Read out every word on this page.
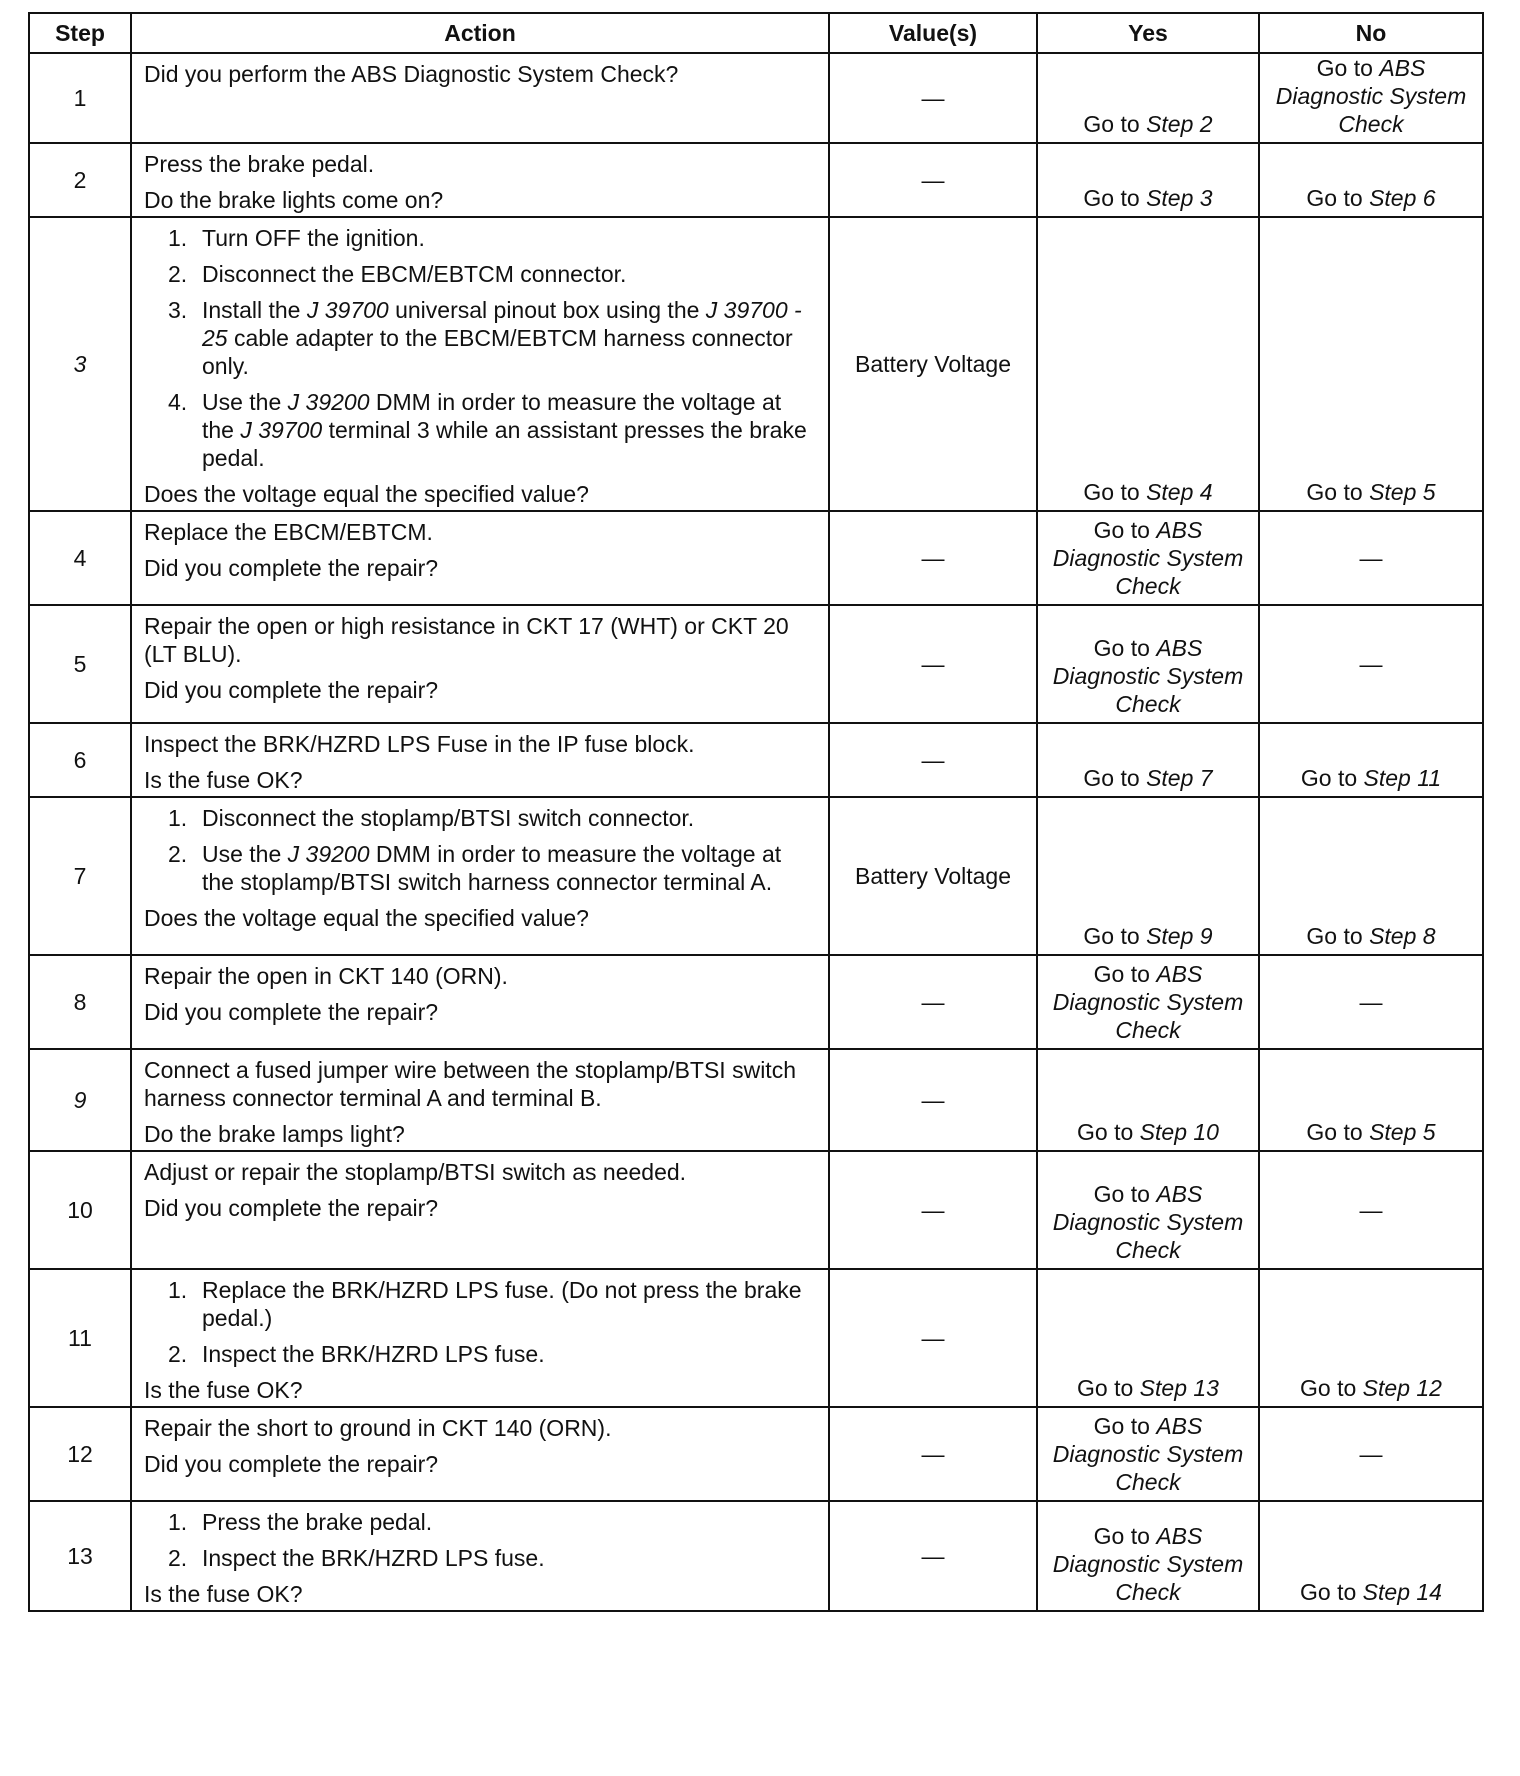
Step	Action	Value(s)	Yes	No
1	Did you perform the ABS Diagnostic System Check?	—	Go to Step 2	Go to ABS Diagnostic System Check
2	Press the brake pedal.
Do the brake lights come on?	—	Go to Step 3	Go to Step 6
3	1. Turn OFF the ignition.
2. Disconnect the EBCM/EBTCM connector.
3. Install the J 39700 universal pinout box using the J 39700 - 25 cable adapter to the EBCM/EBTCM harness connector only.
4. Use the J 39200 DMM in order to measure the voltage at the J 39700 terminal 3 while an assistant presses the brake pedal.
Does the voltage equal the specified value?	Battery Voltage	Go to Step 4	Go to Step 5
4	Replace the EBCM/EBTCM.
Did you complete the repair?	—	Go to ABS Diagnostic System Check	—
5	Repair the open or high resistance in CKT 17 (WHT) or CKT 20 (LT BLU).
Did you complete the repair?	—	Go to ABS Diagnostic System Check	—
6	Inspect the BRK/HZRD LPS Fuse in the IP fuse block.
Is the fuse OK?	—	Go to Step 7	Go to Step 11
7	1. Disconnect the stoplamp/BTSI switch connector.
2. Use the J 39200 DMM in order to measure the voltage at the stoplamp/BTSI switch harness connector terminal A.
Does the voltage equal the specified value?	Battery Voltage	Go to Step 9	Go to Step 8
8	Repair the open in CKT 140 (ORN).
Did you complete the repair?	—	Go to ABS Diagnostic System Check	—
9	Connect a fused jumper wire between the stoplamp/BTSI switch harness connector terminal A and terminal B.
Do the brake lamps light?	—	Go to Step 10	Go to Step 5
10	Adjust or repair the stoplamp/BTSI switch as needed.
Did you complete the repair?	—	Go to ABS Diagnostic System Check	—
11	1. Replace the BRK/HZRD LPS fuse. (Do not press the brake pedal.)
2. Inspect the BRK/HZRD LPS fuse.
Is the fuse OK?	—	Go to Step 13	Go to Step 12
12	Repair the short to ground in CKT 140 (ORN).
Did you complete the repair?	—	Go to ABS Diagnostic System Check	—
13	1. Press the brake pedal.
2. Inspect the BRK/HZRD LPS fuse.
Is the fuse OK?	—	Go to ABS Diagnostic System Check	Go to Step 14
